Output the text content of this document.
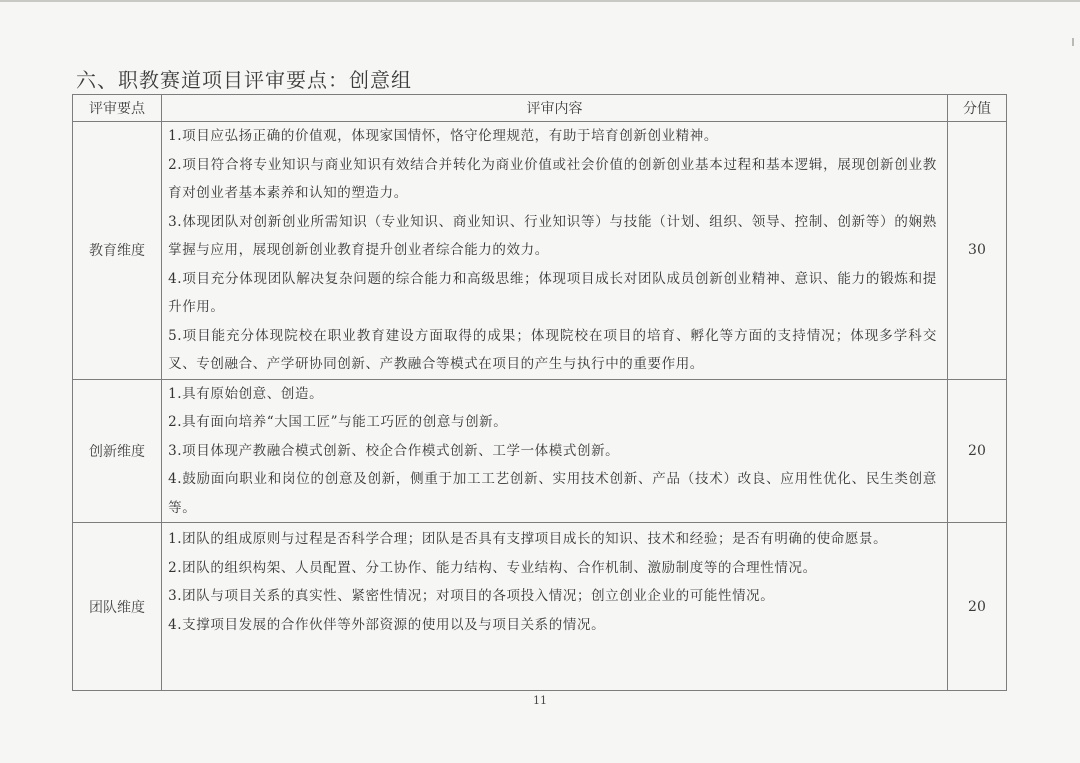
六、职教赛道项目评审要点：创意组
评审要点	评审内容	分值
教育维度	1.项目应弘扬正确的价值观，体现家国情怀，恪守伦理规范，有助于培育创新创业精神。

2.项目符合将专业知识与商业知识有效结合并转化为商业价值或社会价值的创新创业基本过程和基本逻辑，展现创新创业教育对创业者基本素养和认知的塑造力。

3.体现团队对创新创业所需知识（专业知识、商业知识、行业知识等）与技能（计划、组织、领导、控制、创新等）的娴熟掌握与应用，展现创新创业教育提升创业者综合能力的效力。

4.项目充分体现团队解决复杂问题的综合能力和高级思维；体现项目成长对团队成员创新创业精神、意识、能力的锻炼和提升作用。

5.项目能充分体现院校在职业教育建设方面取得的成果；体现院校在项目的培育、孵化等方面的支持情况；体现多学科交叉、专创融合、产学研协同创新、产教融合等模式在项目的产生与执行中的重要作用。	30
创新维度	1.具有原始创意、创造。

2.具有面向培养“大国工匠”与能工巧匠的创意与创新。

3.项目体现产教融合模式创新、校企合作模式创新、工学一体模式创新。

4.鼓励面向职业和岗位的创意及创新，侧重于加工工艺创新、实用技术创新、产品（技术）改良、应用性优化、民生类创意等。	20
团队维度	1.团队的组成原则与过程是否科学合理；团队是否具有支撑项目成长的知识、技术和经验；是否有明确的使命愿景。

2.团队的组织构架、人员配置、分工协作、能力结构、专业结构、合作机制、激励制度等的合理性情况。

3.团队与项目关系的真实性、紧密性情况；对项目的各项投入情况；创立创业企业的可能性情况。

4.支撑项目发展的合作伙伴等外部资源的使用以及与项目关系的情况。	20
11
